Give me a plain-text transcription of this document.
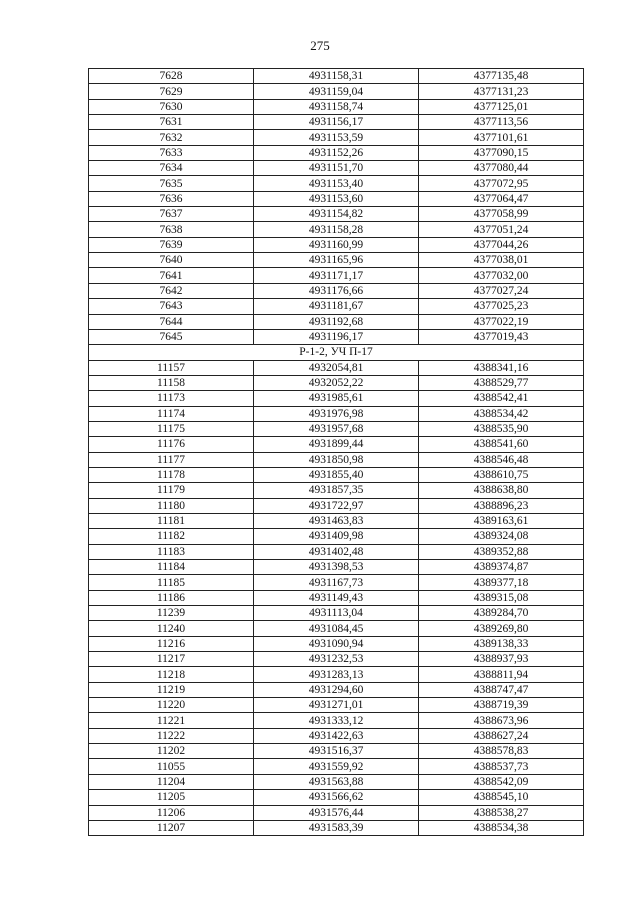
275
7628	4931158,31	4377135,48
7629	4931159,04	4377131,23
7630	4931158,74	4377125,01
7631	4931156,17	4377113,56
7632	4931153,59	4377101,61
7633	4931152,26	4377090,15
7634	4931151,70	4377080,44
7635	4931153,40	4377072,95
7636	4931153,60	4377064,47
7637	4931154,82	4377058,99
7638	4931158,28	4377051,24
7639	4931160,99	4377044,26
7640	4931165,96	4377038,01
7641	4931171,17	4377032,00
7642	4931176,66	4377027,24
7643	4931181,67	4377025,23
7644	4931192,68	4377022,19
7645	4931196,17	4377019,43
Р-1-2, УЧ П-17		
11157	4932054,81	4388341,16
11158	4932052,22	4388529,77
11173	4931985,61	4388542,41
11174	4931976,98	4388534,42
11175	4931957,68	4388535,90
11176	4931899,44	4388541,60
11177	4931850,98	4388546,48
11178	4931855,40	4388610,75
11179	4931857,35	4388638,80
11180	4931722,97	4388896,23
11181	4931463,83	4389163,61
11182	4931409,98	4389324,08
11183	4931402,48	4389352,88
11184	4931398,53	4389374,87
11185	4931167,73	4389377,18
11186	4931149,43	4389315,08
11239	4931113,04	4389284,70
11240	4931084,45	4389269,80
11216	4931090,94	4389138,33
11217	4931232,53	4388937,93
11218	4931283,13	4388811,94
11219	4931294,60	4388747,47
11220	4931271,01	4388719,39
11221	4931333,12	4388673,96
11222	4931422,63	4388627,24
11202	4931516,37	4388578,83
11055	4931559,92	4388537,73
11204	4931563,88	4388542,09
11205	4931566,62	4388545,10
11206	4931576,44	4388538,27
11207	4931583,39	4388534,38
